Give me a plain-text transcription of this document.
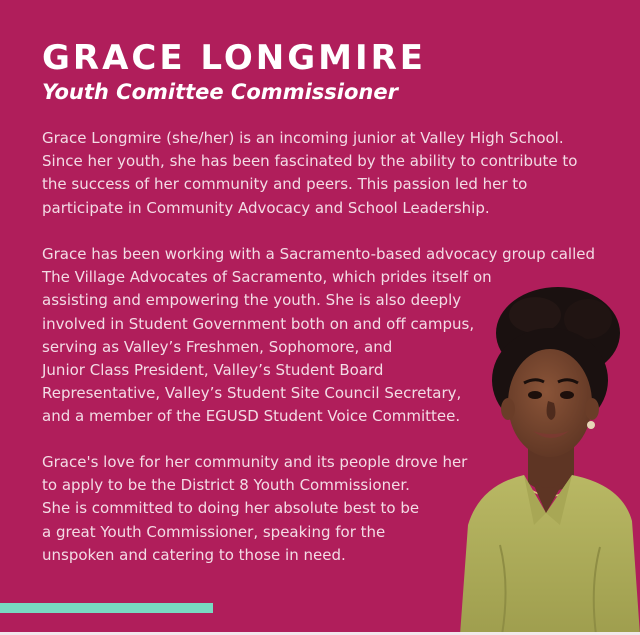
GRACE LONGMIRE
Youth Comittee Commissioner

Grace Longmire (she/her) is an incoming junior at Valley High School.
Since her youth, she has been fascinated by the ability to contribute to
the success of her community and peers. This passion led her to
participate in Community Advocacy and School Leadership.

Grace has been working with a Sacramento-based advocacy group called
The Village Advocates of Sacramento, which prides itself on
assisting and empowering the youth. She is also deeply
involved in Student Government both on and off campus,
serving as Valley’s Freshmen, Sophomore, and
Junior Class President, Valley’s Student Board
Representative, Valley’s Student Site Council Secretary,
and a member of the EGUSD Student Voice Committee.

Grace's love for her community and its people drove her
to apply to be the District 8 Youth Commissioner.
She is committed to doing her absolute best to be
a great Youth Commissioner, speaking for the
unspoken and catering to those in need.
